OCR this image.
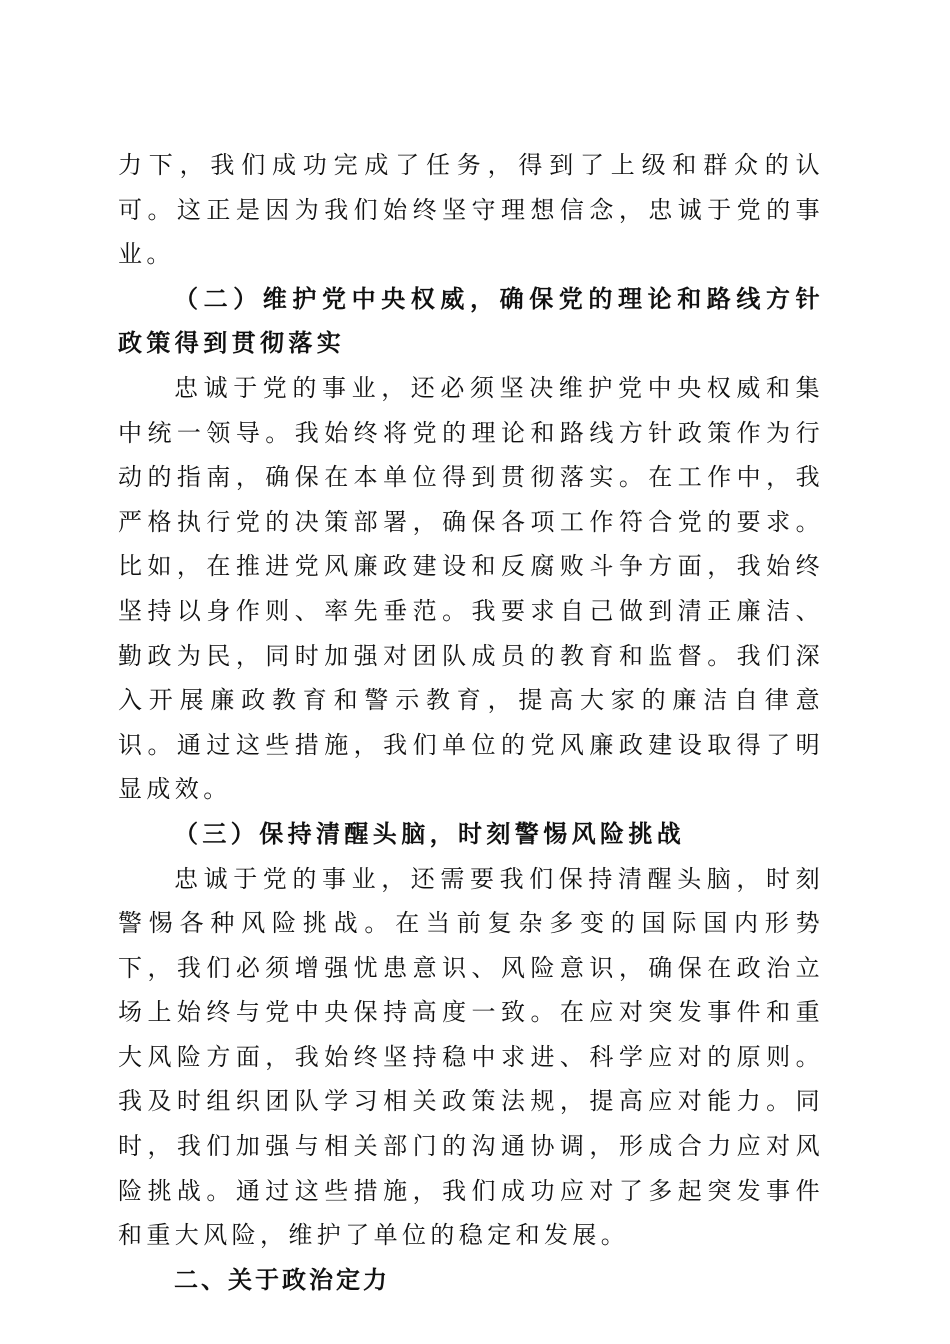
力下，我们成功完成了任务，得到了上级和群众的认可。这正是因为我们始终坚守理想信念，忠诚于党的事业。

（二）维护党中央权威，确保党的理论和路线方针政策得到贯彻落实

忠诚于党的事业，还必须坚决维护党中央权威和集中统一领导。我始终将党的理论和路线方针政策作为行动的指南，确保在本单位得到贯彻落实。在工作中，我严格执行党的决策部署，确保各项工作符合党的要求。比如，在推进党风廉政建设和反腐败斗争方面，我始终坚持以身作则、率先垂范。我要求自己做到清正廉洁、勤政为民，同时加强对团队成员的教育和监督。我们深入开展廉政教育和警示教育，提高大家的廉洁自律意识。通过这些措施，我们单位的党风廉政建设取得了明显成效。

（三）保持清醒头脑，时刻警惕风险挑战

忠诚于党的事业，还需要我们保持清醒头脑，时刻警惕各种风险挑战。在当前复杂多变的国际国内形势下，我们必须增强忧患意识、风险意识，确保在政治立场上始终与党中央保持高度一致。在应对突发事件和重大风险方面，我始终坚持稳中求进、科学应对的原则。我及时组织团队学习相关政策法规，提高应对能力。同时，我们加强与相关部门的沟通协调，形成合力应对风险挑战。通过这些措施，我们成功应对了多起突发事件和重大风险，维护了单位的稳定和发展。

二、关于政治定力
